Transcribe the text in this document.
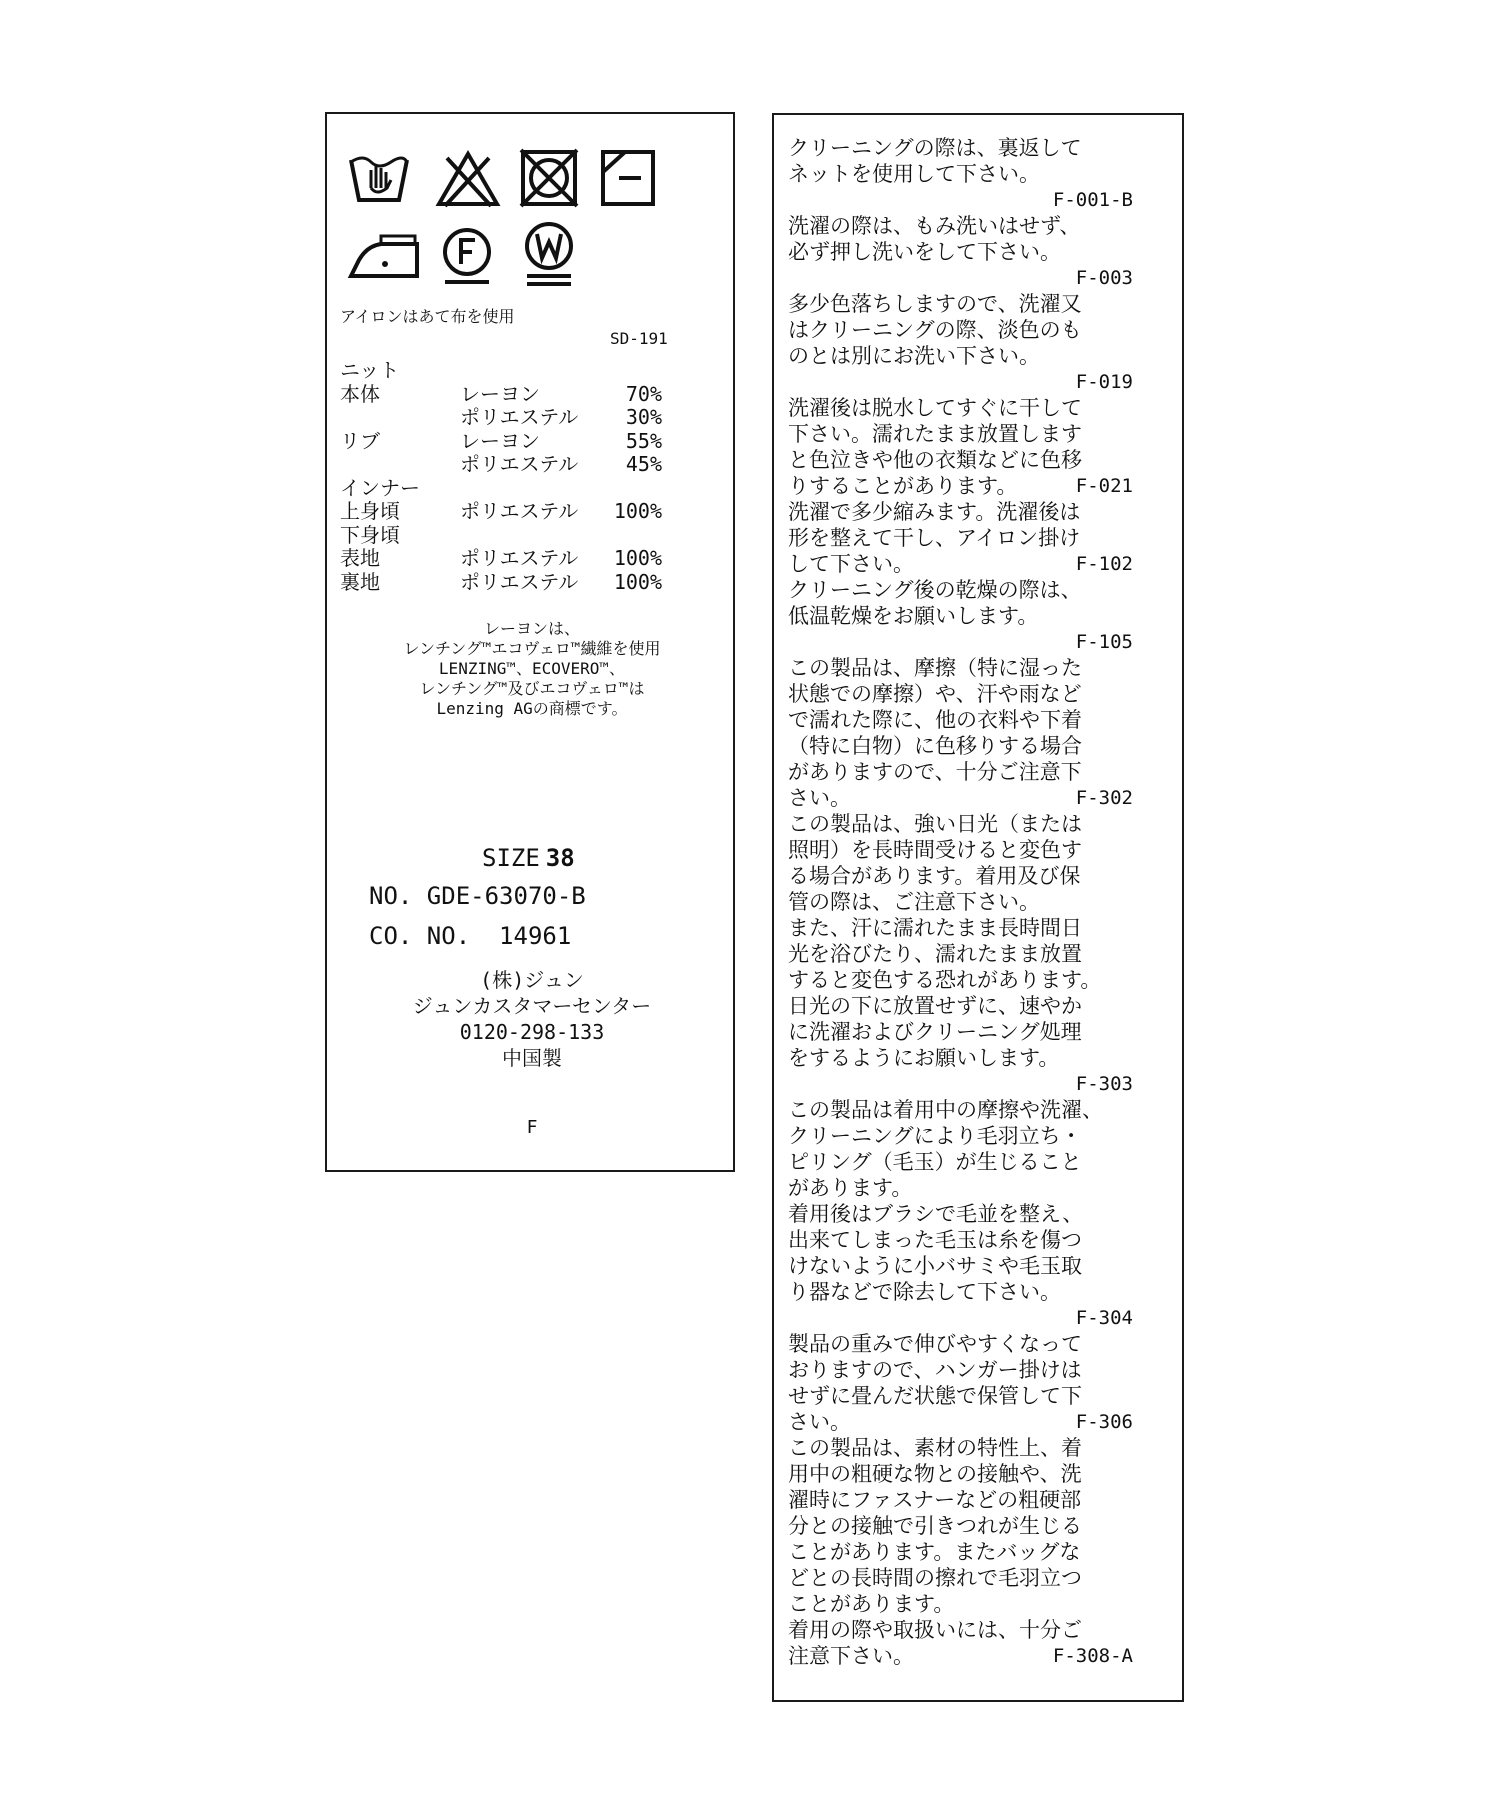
アイロンはあて布を使用
SD-191
ニット
本体	レーヨン	70%
ポリエステル 30%
リブ	レーヨン	55%
ポリエステル 45%
インナー
上身頃	ポリエステル 100%
下身頃
表地	ポリエステル 100%
裏地	ポリエステル 100%
レーヨンは、
レンチング™エコヴェロ™繊維を使用
LENZING™、ECOVERO™、
レンチング™及びエコヴェロ™は
Lenzing AGの商標です。
SIZE 38
NO. GDE-63070-B
CO. NO.  14961
(株)ジュン
ジュンカスタマーセンター
0120-298-133
中国製
F
クリーニングの際は、裏返して
ネットを使用して下さい。
F-001-B
洗濯の際は、もみ洗いはせず、
必ず押し洗いをして下さい。
F-003
多少色落ちしますので、洗濯又
はクリーニングの際、淡色のも
のとは別にお洗い下さい。
F-019
洗濯後は脱水してすぐに干して
下さい。濡れたまま放置します
と色泣きや他の衣類などに色移
りすることがあります。	F-021
洗濯で多少縮みます。洗濯後は
形を整えて干し、アイロン掛け
して下さい。	F-102
クリーニング後の乾燥の際は、
低温乾燥をお願いします。
F-105
この製品は、摩擦（特に湿った
状態での摩擦）や、汗や雨など
で濡れた際に、他の衣料や下着
（特に白物）に色移りする場合
がありますので、十分ご注意下
さい。	F-302
この製品は、強い日光（または
照明）を長時間受けると変色す
る場合があります。着用及び保
管の際は、ご注意下さい。
また、汗に濡れたまま長時間日
光を浴びたり、濡れたまま放置
すると変色する恐れがあります。
日光の下に放置せずに、速やか
に洗濯およびクリーニング処理
をするようにお願いします。
F-303
この製品は着用中の摩擦や洗濯、
クリーニングにより毛羽立ち・
ピリング（毛玉）が生じること
があります。
着用後はブラシで毛並を整え、
出来てしまった毛玉は糸を傷つ
けないように小バサミや毛玉取
り器などで除去して下さい。
F-304
製品の重みで伸びやすくなって
おりますので、ハンガー掛けは
せずに畳んだ状態で保管して下
さい。	F-306
この製品は、素材の特性上、着
用中の粗硬な物との接触や、洗
濯時にファスナーなどの粗硬部
分との接触で引きつれが生じる
ことがあります。またバッグな
どとの長時間の擦れで毛羽立つ
ことがあります。
着用の際や取扱いには、十分ご
注意下さい。	F-308-A
